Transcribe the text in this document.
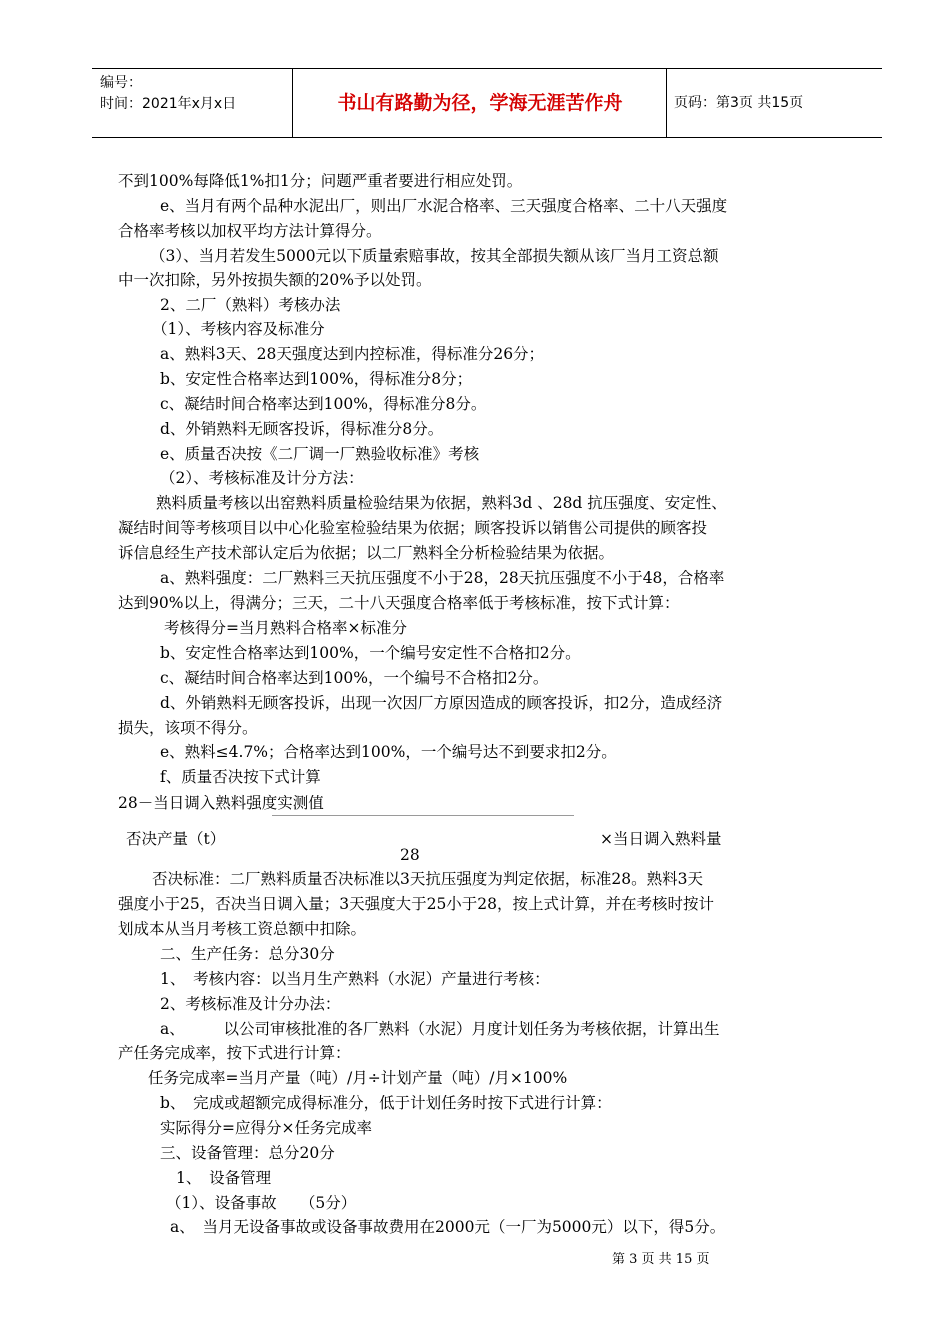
编号：
时间：2021年x月x日	书山有路勤为径，学海无涯苦作舟	页码：第3页 共15页
不到100%每降低1%扣1分；问题严重者要进行相应处罚。
e、当月有两个品种水泥出厂，则出厂水泥合格率、三天强度合格率、二十八天强度
合格率考核以加权平均方法计算得分。
（3）、当月若发生5000元以下质量索赔事故，按其全部损失额从该厂当月工资总额
中一次扣除，另外按损失额的20%予以处罚。
2、二厂（熟料）考核办法
（1）、考核内容及标准分
a、熟料3天、28天强度达到内控标准，得标准分26分；
b、安定性合格率达到100%，得标准分8分；
c、凝结时间合格率达到100%，得标准分8分。
d、外销熟料无顾客投诉，得标准分8分。
e、质量否决按《二厂调一厂熟验收标准》考核
（2）、考核标准及计分方法：
熟料质量考核以出窑熟料质量检验结果为依据，熟料3d 、28d 抗压强度、安定性、
凝结时间等考核项目以中心化验室检验结果为依据；顾客投诉以销售公司提供的顾客投
诉信息经生产技术部认定后为依据；以二厂熟料全分析检验结果为依据。
a、熟料强度：二厂熟料三天抗压强度不小于28，28天抗压强度不小于48，合格率
达到90%以上，得满分；三天，二十八天强度合格率低于考核标准，按下式计算：
考核得分=当月熟料合格率×标准分
b、安定性合格率达到100%，一个编号安定性不合格扣2分。
c、凝结时间合格率达到100%，一个编号不合格扣2分。
d、外销熟料无顾客投诉，出现一次因厂方原因造成的顾客投诉，扣2分，造成经济
损失，该项不得分。
e、熟料≤4.7%；合格率达到100%，一个编号达不到要求扣2分。
f、质量否决按下式计算
28－当日调入熟料强度实测值
否决产量（t）	×当日调入熟料量
28
否决标准：二厂熟料质量否决标准以3天抗压强度为判定依据，标准28。熟料3天
强度小于25，否决当日调入量；3天强度大于25小于28，按上式计算，并在考核时按计
划成本从当月考核工资总额中扣除。
二、生产任务：总分30分
1、　考核内容：以当月生产熟料（水泥）产量进行考核：
2、考核标准及计分办法：
a、　　　以公司审核批准的各厂熟料（水泥）月度计划任务为考核依据，计算出生
产任务完成率，按下式进行计算：
任务完成率=当月产量（吨）/月÷计划产量（吨）/月×100%
b、　完成或超额完成得标准分，低于计划任务时按下式进行计算：
实际得分=应得分×任务完成率
三、设备管理：总分20分
1、　设备管理
（1）、设备事故　　（5分）
a、　当月无设备事故或设备事故费用在2000元（一厂为5000元）以下，得5分。
第 3 页 共 15 页
